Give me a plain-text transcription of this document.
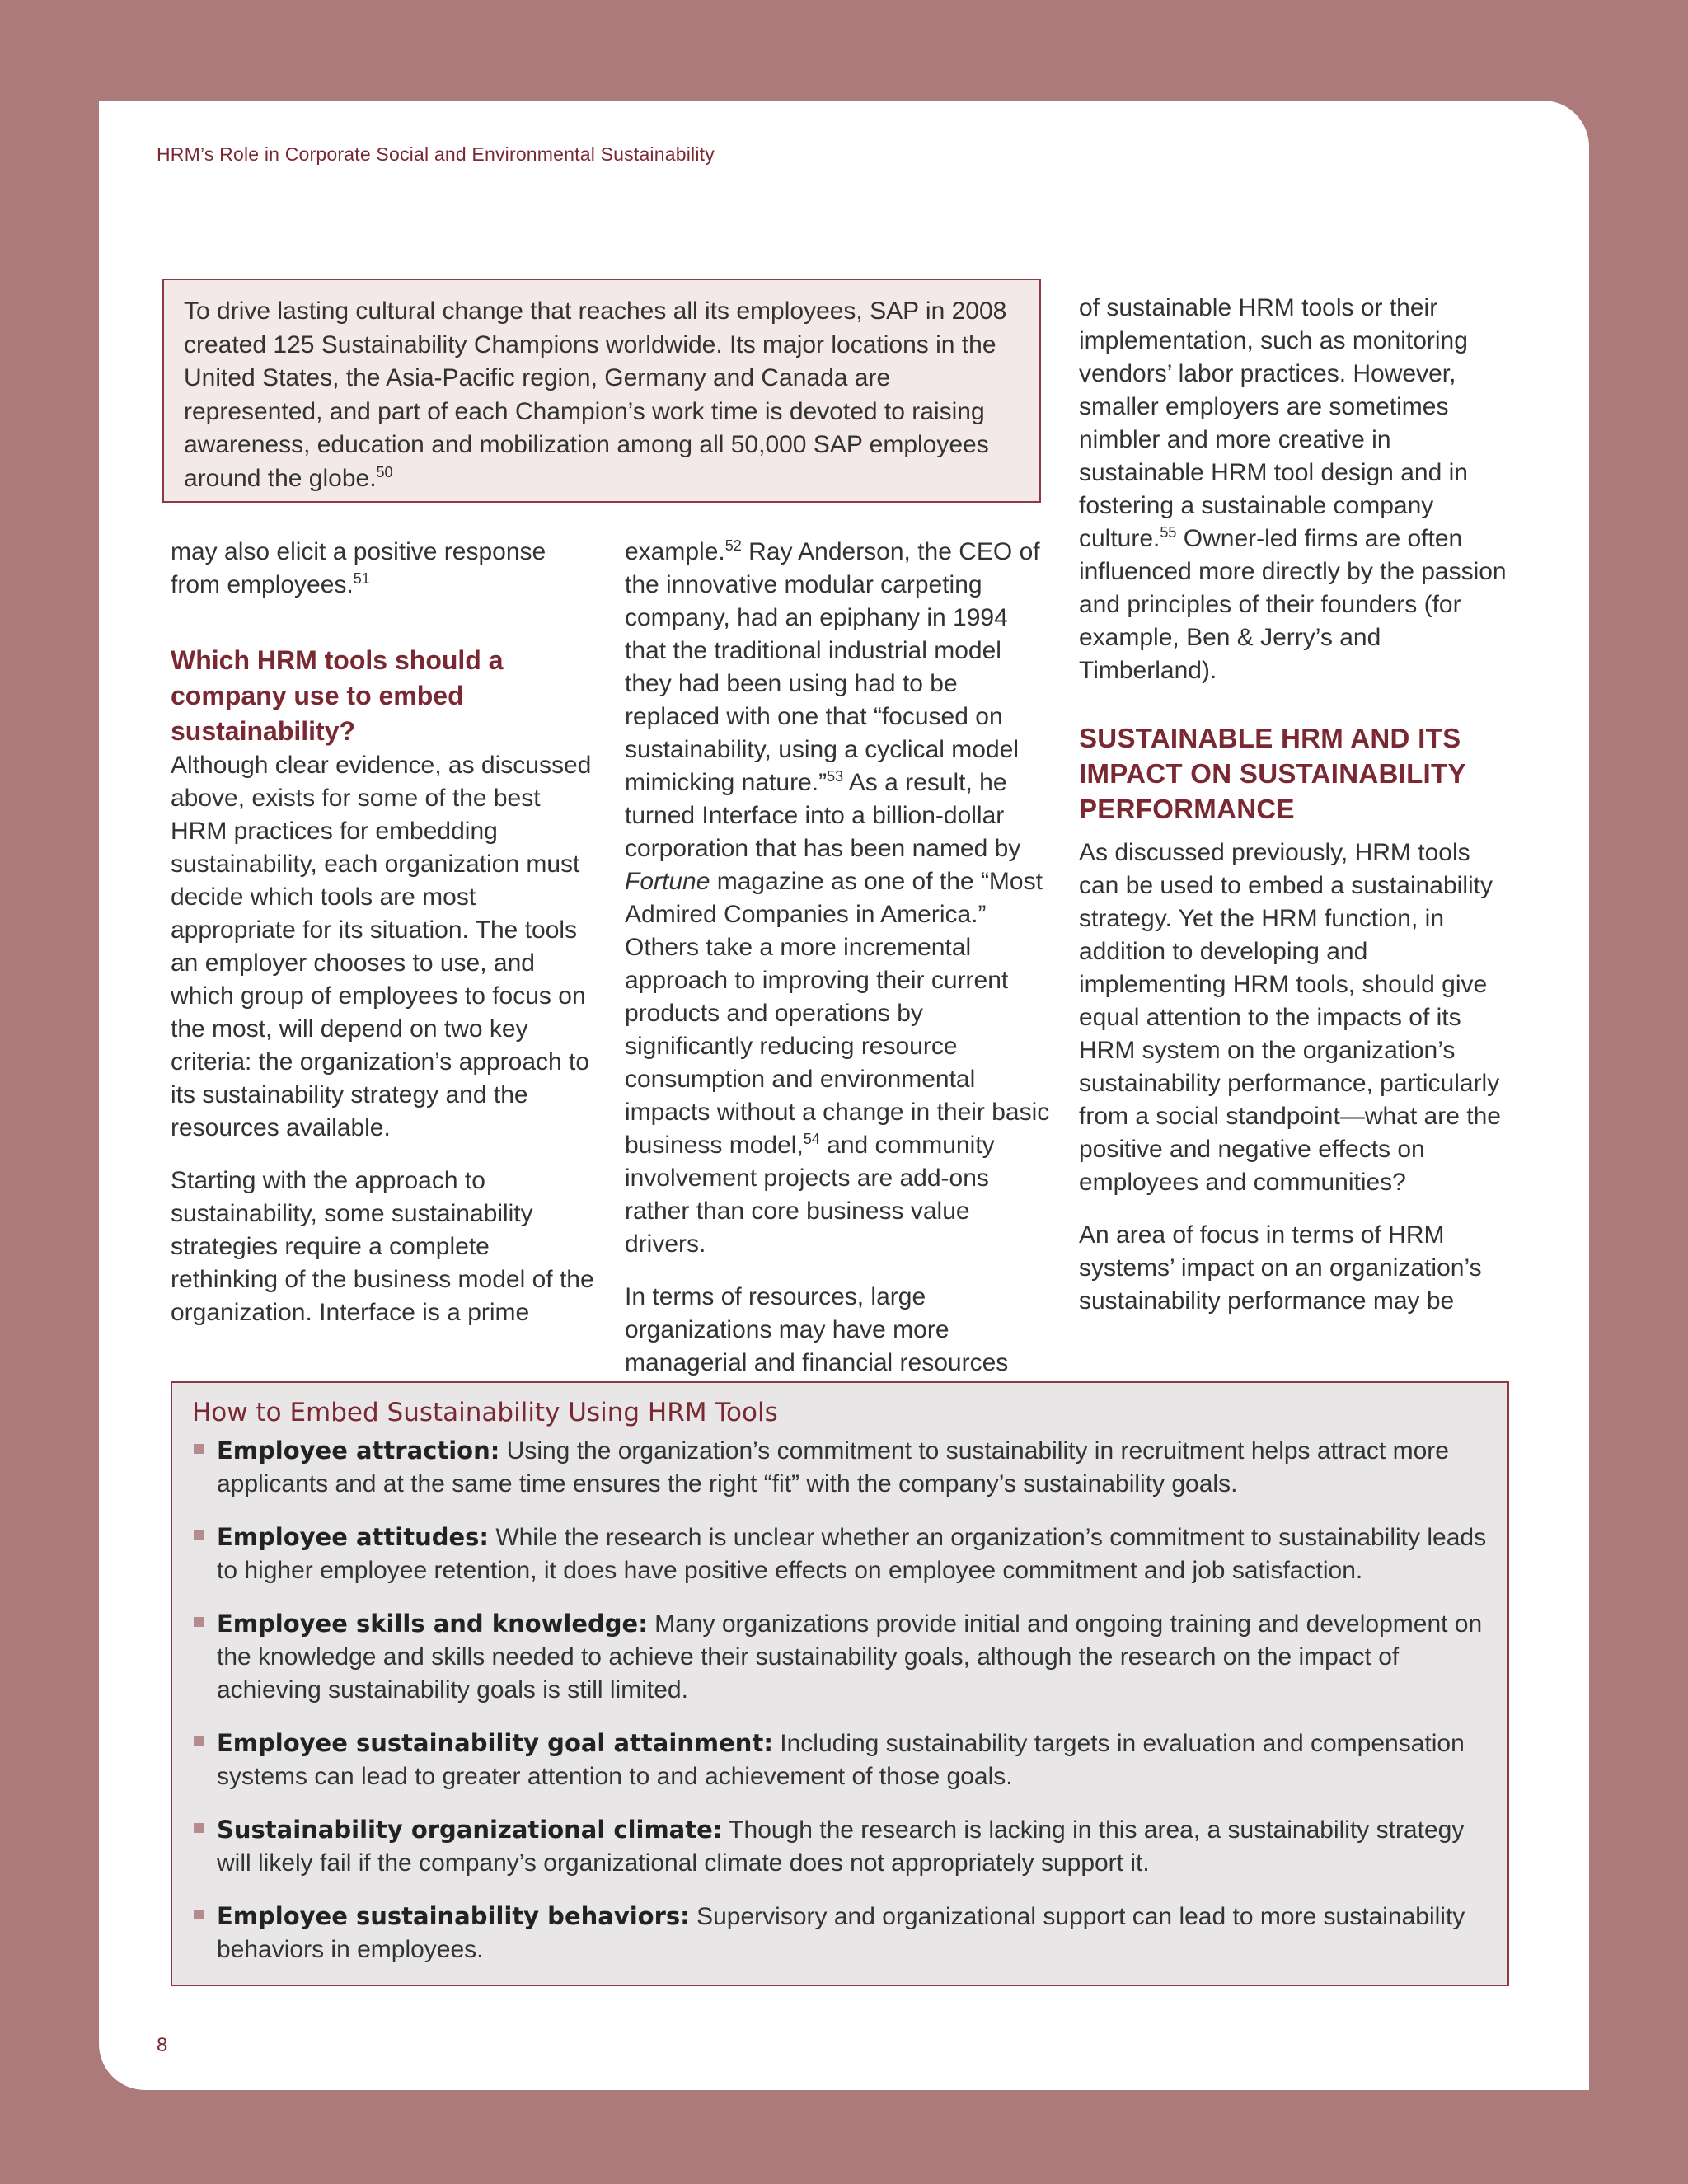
HRM’s Role in Corporate Social and Environmental Sustainability
To drive lasting cultural change that reaches all its employees, SAP in 2008 created 125 Sustainability Champions worldwide. Its major locations in the United States, the Asia-Pacific region, Germany and Canada are represented, and part of each Champion’s work time is devoted to raising awareness, education and mobilization among all 50,000 SAP employees around the globe.$^{50}$

may also elicit a positive response from employees.$^{51}$

Which HRM tools should a company use to embed sustainability?

Although clear evidence, as discussed above, exists for some of the best HRM practices for embedding sustainability, each organization must decide which tools are most appropriate for its situation. The tools an employer chooses to use, and which group of employees to focus on the most, will depend on two key criteria: the organization’s approach to its sustainability strategy and the resources available.

Starting with the approach to sustainability, some sustainability strategies require a complete rethinking of the business model of the organization. Interface is a prime

example.$^{52}$ Ray Anderson, the CEO of the innovative modular carpeting company, had an epiphany in 1994 that the traditional industrial model they had been using had to be replaced with one that “focused on sustainability, using a cyclical model mimicking nature.”$^{53}$ As a result, he turned Interface into a billion-dollar corporation that has been named by Fortune magazine as one of the “Most Admired Companies in America.” Others take a more incremental approach to improving their current products and operations by significantly reducing resource consumption and environmental impacts without a change in their basic business model,$^{54}$ and community involvement projects are add-ons rather than core business value drivers.

In terms of resources, large organizations may have more managerial and financial resources

of sustainable HRM tools or their implementation, such as monitoring vendors’ labor practices. However, smaller employers are sometimes nimbler and more creative in sustainable HRM tool design and in fostering a sustainable company culture.$^{55}$ Owner-led firms are often influenced more directly by the passion and principles of their founders (for example, Ben & Jerry’s and Timberland).

SUSTAINABLE HRM AND ITS IMPACT ON SUSTAINABILITY PERFORMANCE

As discussed previously, HRM tools can be used to embed a sustainability strategy. Yet the HRM function, in addition to developing and implementing HRM tools, should give equal attention to the impacts of its HRM system on the organization’s sustainability performance, particularly from a social standpoint—what are the positive and negative effects on employees and communities?

An area of focus in terms of HRM systems’ impact on an organization’s sustainability performance may be

How to Embed Sustainability Using HRM Tools
Employee attraction: Using the organization’s commitment to sustainability in recruitment helps attract more applicants and at the same time ensures the right “fit” with the company’s sustainability goals.
Employee attitudes: While the research is unclear whether an organization’s commitment to sustainability leads to higher employee retention, it does have positive effects on employee commitment and job satisfaction.
Employee skills and knowledge: Many organizations provide initial and ongoing training and development on the knowledge and skills needed to achieve their sustainability goals, although the research on the impact of achieving sustainability goals is still limited.
Employee sustainability goal attainment: Including sustainability targets in evaluation and compensation systems can lead to greater attention to and achievement of those goals.
Sustainability organizational climate: Though the research is lacking in this area, a sustainability strategy will likely fail if the company’s organizational climate does not appropriately support it.
Employee sustainability behaviors: Supervisory and organizational support can lead to more sustainability behaviors in employees.
8
